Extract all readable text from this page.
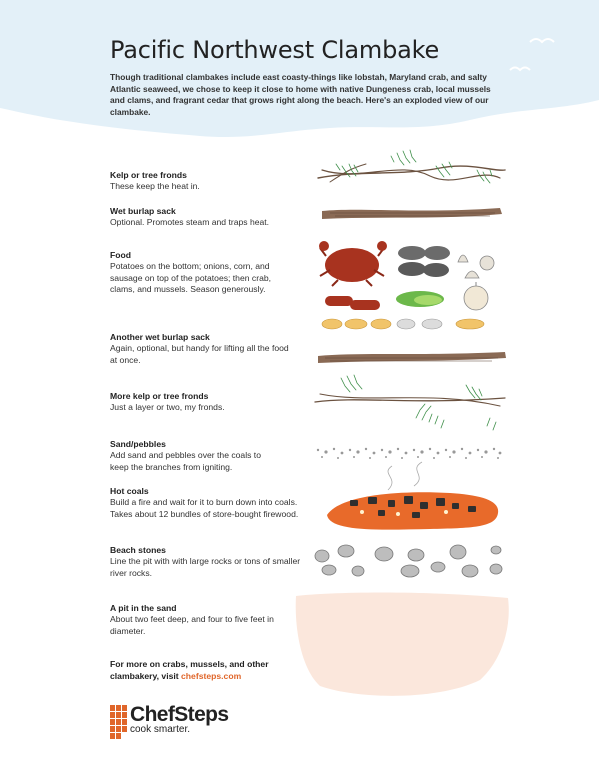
Pacific Northwest Clambake

Though traditional clambakes include east coasty-things like lobstah, Maryland crab, and salty Atlantic seaweed, we chose to keep it close to home with native Dungeness crab, local mussels and clams, and fragrant cedar that grows right along the beach. Here's an exploded view of our clambake.

Kelp or tree fronds
These keep the heat in.
Wet burlap sack
Optional. Promotes steam and traps heat.
Food
Potatoes on the bottom; onions, corn, and sausage on top of the potatoes; then crab, clams, and mussels. Season generously.
Another wet burlap sack
Again, optional, but handy for lifting all the food at once.
More kelp or tree fronds
Just a layer or two, my fronds.
Sand/pebbles
Add sand and pebbles over the coals to keep the branches from igniting.
Hot coals
Build a fire and wait for it to burn down into coals. Takes about 12 bundles of store-bought firewood.
Beach stones
Line the pit with with large rocks or tons of smaller river rocks.
A pit in the sand
About two feet deep, and four to five feet in diameter.
For more on crabs, mussels, and other clambakery, visit chefsteps.com
ChefSteps
cook smarter.
